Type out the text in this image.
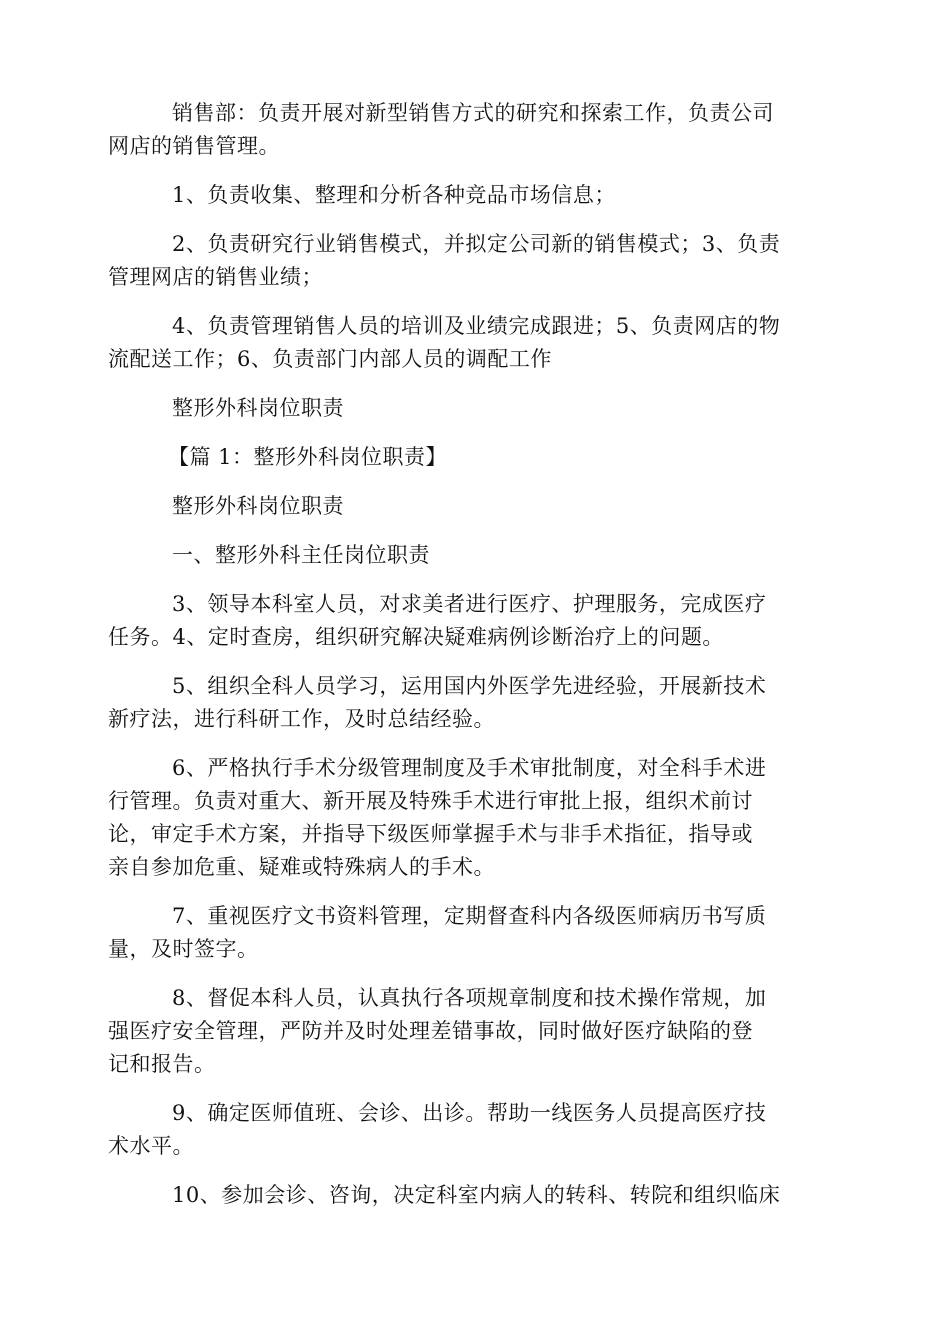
销售部：负责开展对新型销售方式的研究和探索工作，负责公司
网店的销售管理。

1、负责收集、整理和分析各种竞品市场信息；

2、负责研究行业销售模式，并拟定公司新的销售模式；3、负责
管理网店的销售业绩；

4、负责管理销售人员的培训及业绩完成跟进；5、负责网店的物
流配送工作；6、负责部门内部人员的调配工作

整形外科岗位职责

【篇 1：整形外科岗位职责】

整形外科岗位职责

一、整形外科主任岗位职责

3、领导本科室人员，对求美者进行医疗、护理服务，完成医疗
任务。4、定时查房，组织研究解决疑难病例诊断治疗上的问题。

5、组织全科人员学习，运用国内外医学先进经验，开展新技术
新疗法，进行科研工作，及时总结经验。

6、严格执行手术分级管理制度及手术审批制度，对全科手术进
行管理。负责对重大、新开展及特殊手术进行审批上报，组织术前讨
论，审定手术方案，并指导下级医师掌握手术与非手术指征，指导或
亲自参加危重、疑难或特殊病人的手术。

7、重视医疗文书资料管理，定期督查科内各级医师病历书写质
量，及时签字。

8、督促本科人员，认真执行各项规章制度和技术操作常规，加
强医疗安全管理，严防并及时处理差错事故，同时做好医疗缺陷的登
记和报告。

9、确定医师值班、会诊、出诊。帮助一线医务人员提高医疗技
术水平。

10、参加会诊、咨询，决定科室内病人的转科、转院和组织临床
